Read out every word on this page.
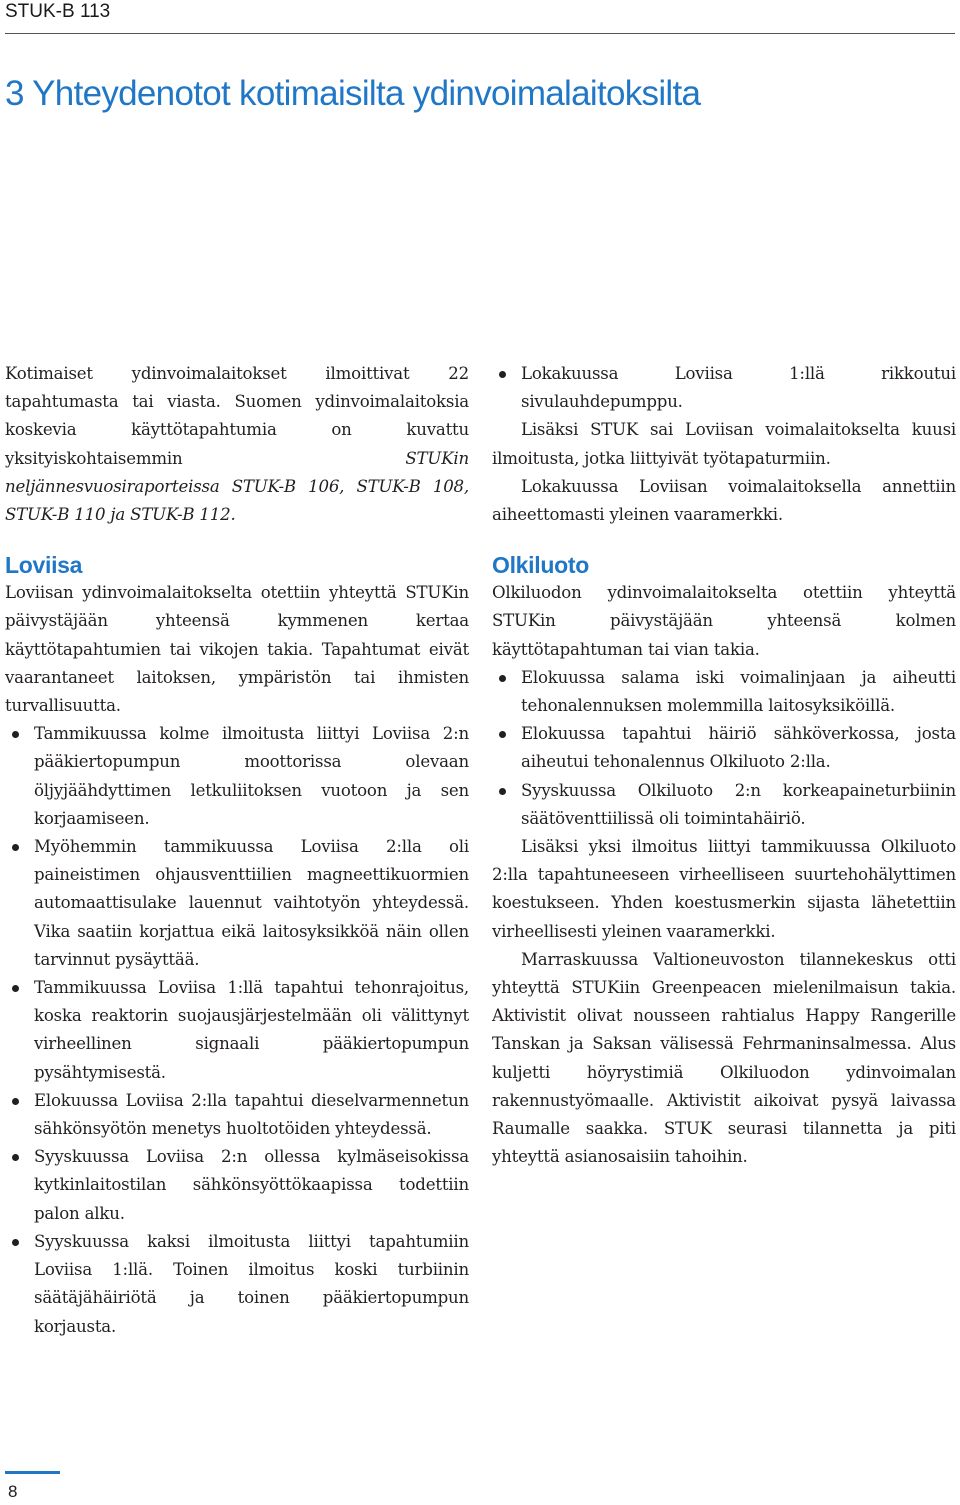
STUK-B 113
3 Yhteydenotot kotimaisilta ydinvoimalaitoksilta

Kotimaiset ydinvoimalaitokset ilmoittivat 22 tapahtumasta tai viasta. Suomen ydinvoimalaitoksia koskevia käyttötapahtumia on kuvattu yksityiskohtaisemmin STUKin neljännesvuosiraporteissa STUK-B 106, STUK-B 108, STUK-B 110 ja STUK-B 112.

Loviisa

Loviisan ydinvoimalaitokselta otettiin yhteyttä STUKin päivystäjään yhteensä kymmenen kertaa käyttötapahtumien tai vikojen takia. Tapahtumat eivät vaarantaneet laitoksen, ympäristön tai ihmisten turvallisuutta.

Tammikuussa kolme ilmoitusta liittyi Loviisa 2:n pääkiertopumpun moottorissa olevaan öljyjäähdyttimen letkuliitoksen vuotoon ja sen korjaamiseen.
Myöhemmin tammikuussa Loviisa 2:lla oli paineistimen ohjausventtiilien magneettikuormien automaattisulake lauennut vaihtotyön yhteydessä. Vika saatiin korjattua eikä laitosyksikköä näin ollen tarvinnut pysäyttää.
Tammikuussa Loviisa 1:llä tapahtui tehonrajoitus, koska reaktorin suojausjärjestelmään oli välittynyt virheellinen signaali pääkiertopumpun pysähtymisestä.
Elokuussa Loviisa 2:lla tapahtui dieselvarmennetun sähkönsyötön menetys huoltotöiden yhteydessä.
Syyskuussa Loviisa 2:n ollessa kylmäseisokissa kytkinlaitostilan sähkönsyöttökaapissa todettiin palon alku.
Syyskuussa kaksi ilmoitusta liittyi tapahtumiin Loviisa 1:llä. Toinen ilmoitus koski turbiinin säätäjähäiriötä ja toinen pääkiertopumpun korjausta.
Lokakuussa Loviisa 1:llä rikkoutui sivulauhdepumppu.

Lisäksi STUK sai Loviisan voimalaitokselta kuusi ilmoitusta, jotka liittyivät työtapaturmiin.

Lokakuussa Loviisan voimalaitoksella annettiin aiheettomasti yleinen vaaramerkki.

Olkiluoto

Olkiluodon ydinvoimalaitokselta otettiin yhteyttä STUKin päivystäjään yhteensä kolmen käyttötapahtuman tai vian takia.

Elokuussa salama iski voimalinjaan ja aiheutti tehonalennuksen molemmilla laitosyksiköillä.
Elokuussa tapahtui häiriö sähköverkossa, josta aiheutui tehonalennus Olkiluoto 2:lla.
Syyskuussa Olkiluoto 2:n korkeapaineturbiinin säätöventtiilissä oli toimintahäiriö.

Lisäksi yksi ilmoitus liittyi tammikuussa Olkiluoto 2:lla tapahtuneeseen virheelliseen suurtehohälyttimen koestukseen. Yhden koestusmerkin sijasta lähetettiin virheellisesti yleinen vaaramerkki.

Marraskuussa Valtioneuvoston tilannekeskus otti yhteyttä STUKiin Greenpeacen mielenilmaisun takia. Aktivistit olivat nousseen rahtialus Happy Rangerille Tanskan ja Saksan välisessä Fehrmaninsalmessa. Alus kuljetti höyrystimiä Olkiluodon ydinvoimalan rakennustyömaalle. Aktivistit aikoivat pysyä laivassa Raumalle saakka. STUK seurasi tilannetta ja piti yhteyttä asianosaisiin tahoihin.

8
